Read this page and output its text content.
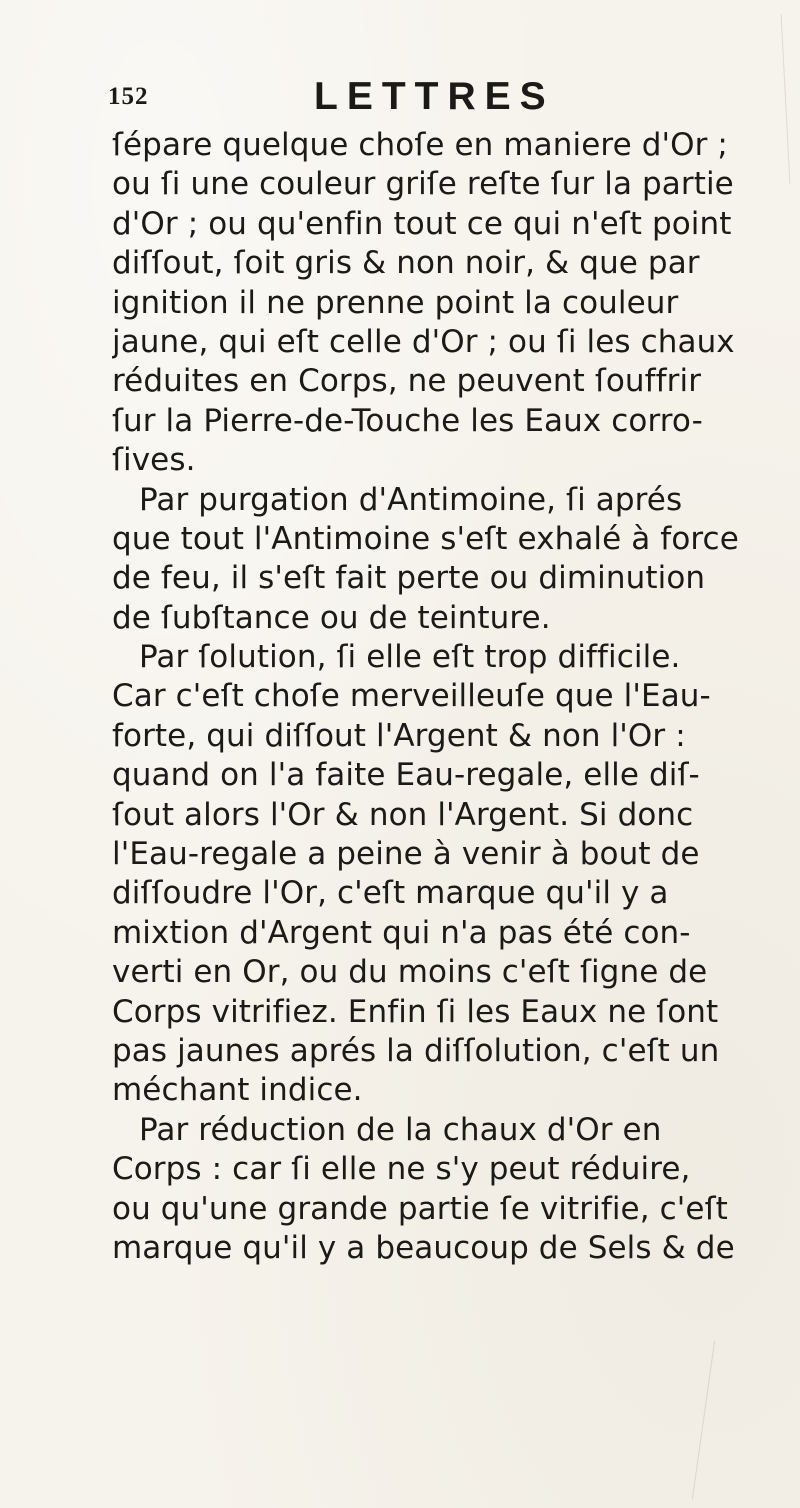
152	LETTRES
ſépare quelque choſe en maniere d'Or ;
ou ſi une couleur griſe reſte ſur la partie
d'Or ; ou qu'enfin tout ce qui n'eſt point
diſſout, ſoit gris & non noir, & que par
ignition il ne prenne point la couleur
jaune, qui eſt celle d'Or ; ou ſi les chaux
réduites en Corps, ne peuvent ſouffrir
ſur la Pierre-de-Touche les Eaux corro-
ſives.
Par purgation d'Antimoine, ſi aprés
que tout l'Antimoine s'eſt exhalé à force
de feu, il s'eſt fait perte ou diminution
de ſubſtance ou de teinture.
Par ſolution, ſi elle eſt trop difficile.
Car c'eſt choſe merveilleuſe que l'Eau-
forte, qui diſſout l'Argent & non l'Or :
quand on l'a faite Eau-regale, elle diſ-
ſout alors l'Or & non l'Argent. Si donc
l'Eau-regale a peine à venir à bout de
diſſoudre l'Or, c'eſt marque qu'il y a
mixtion d'Argent qui n'a pas été con-
verti en Or, ou du moins c'eſt ſigne de
Corps vitrifiez. Enfin ſi les Eaux ne ſont
pas jaunes aprés la diſſolution, c'eſt un
méchant indice.
Par réduction de la chaux d'Or en
Corps : car ſi elle ne s'y peut réduire,
ou qu'une grande partie ſe vitrifie, c'eſt
marque qu'il y a beaucoup de Sels & de
